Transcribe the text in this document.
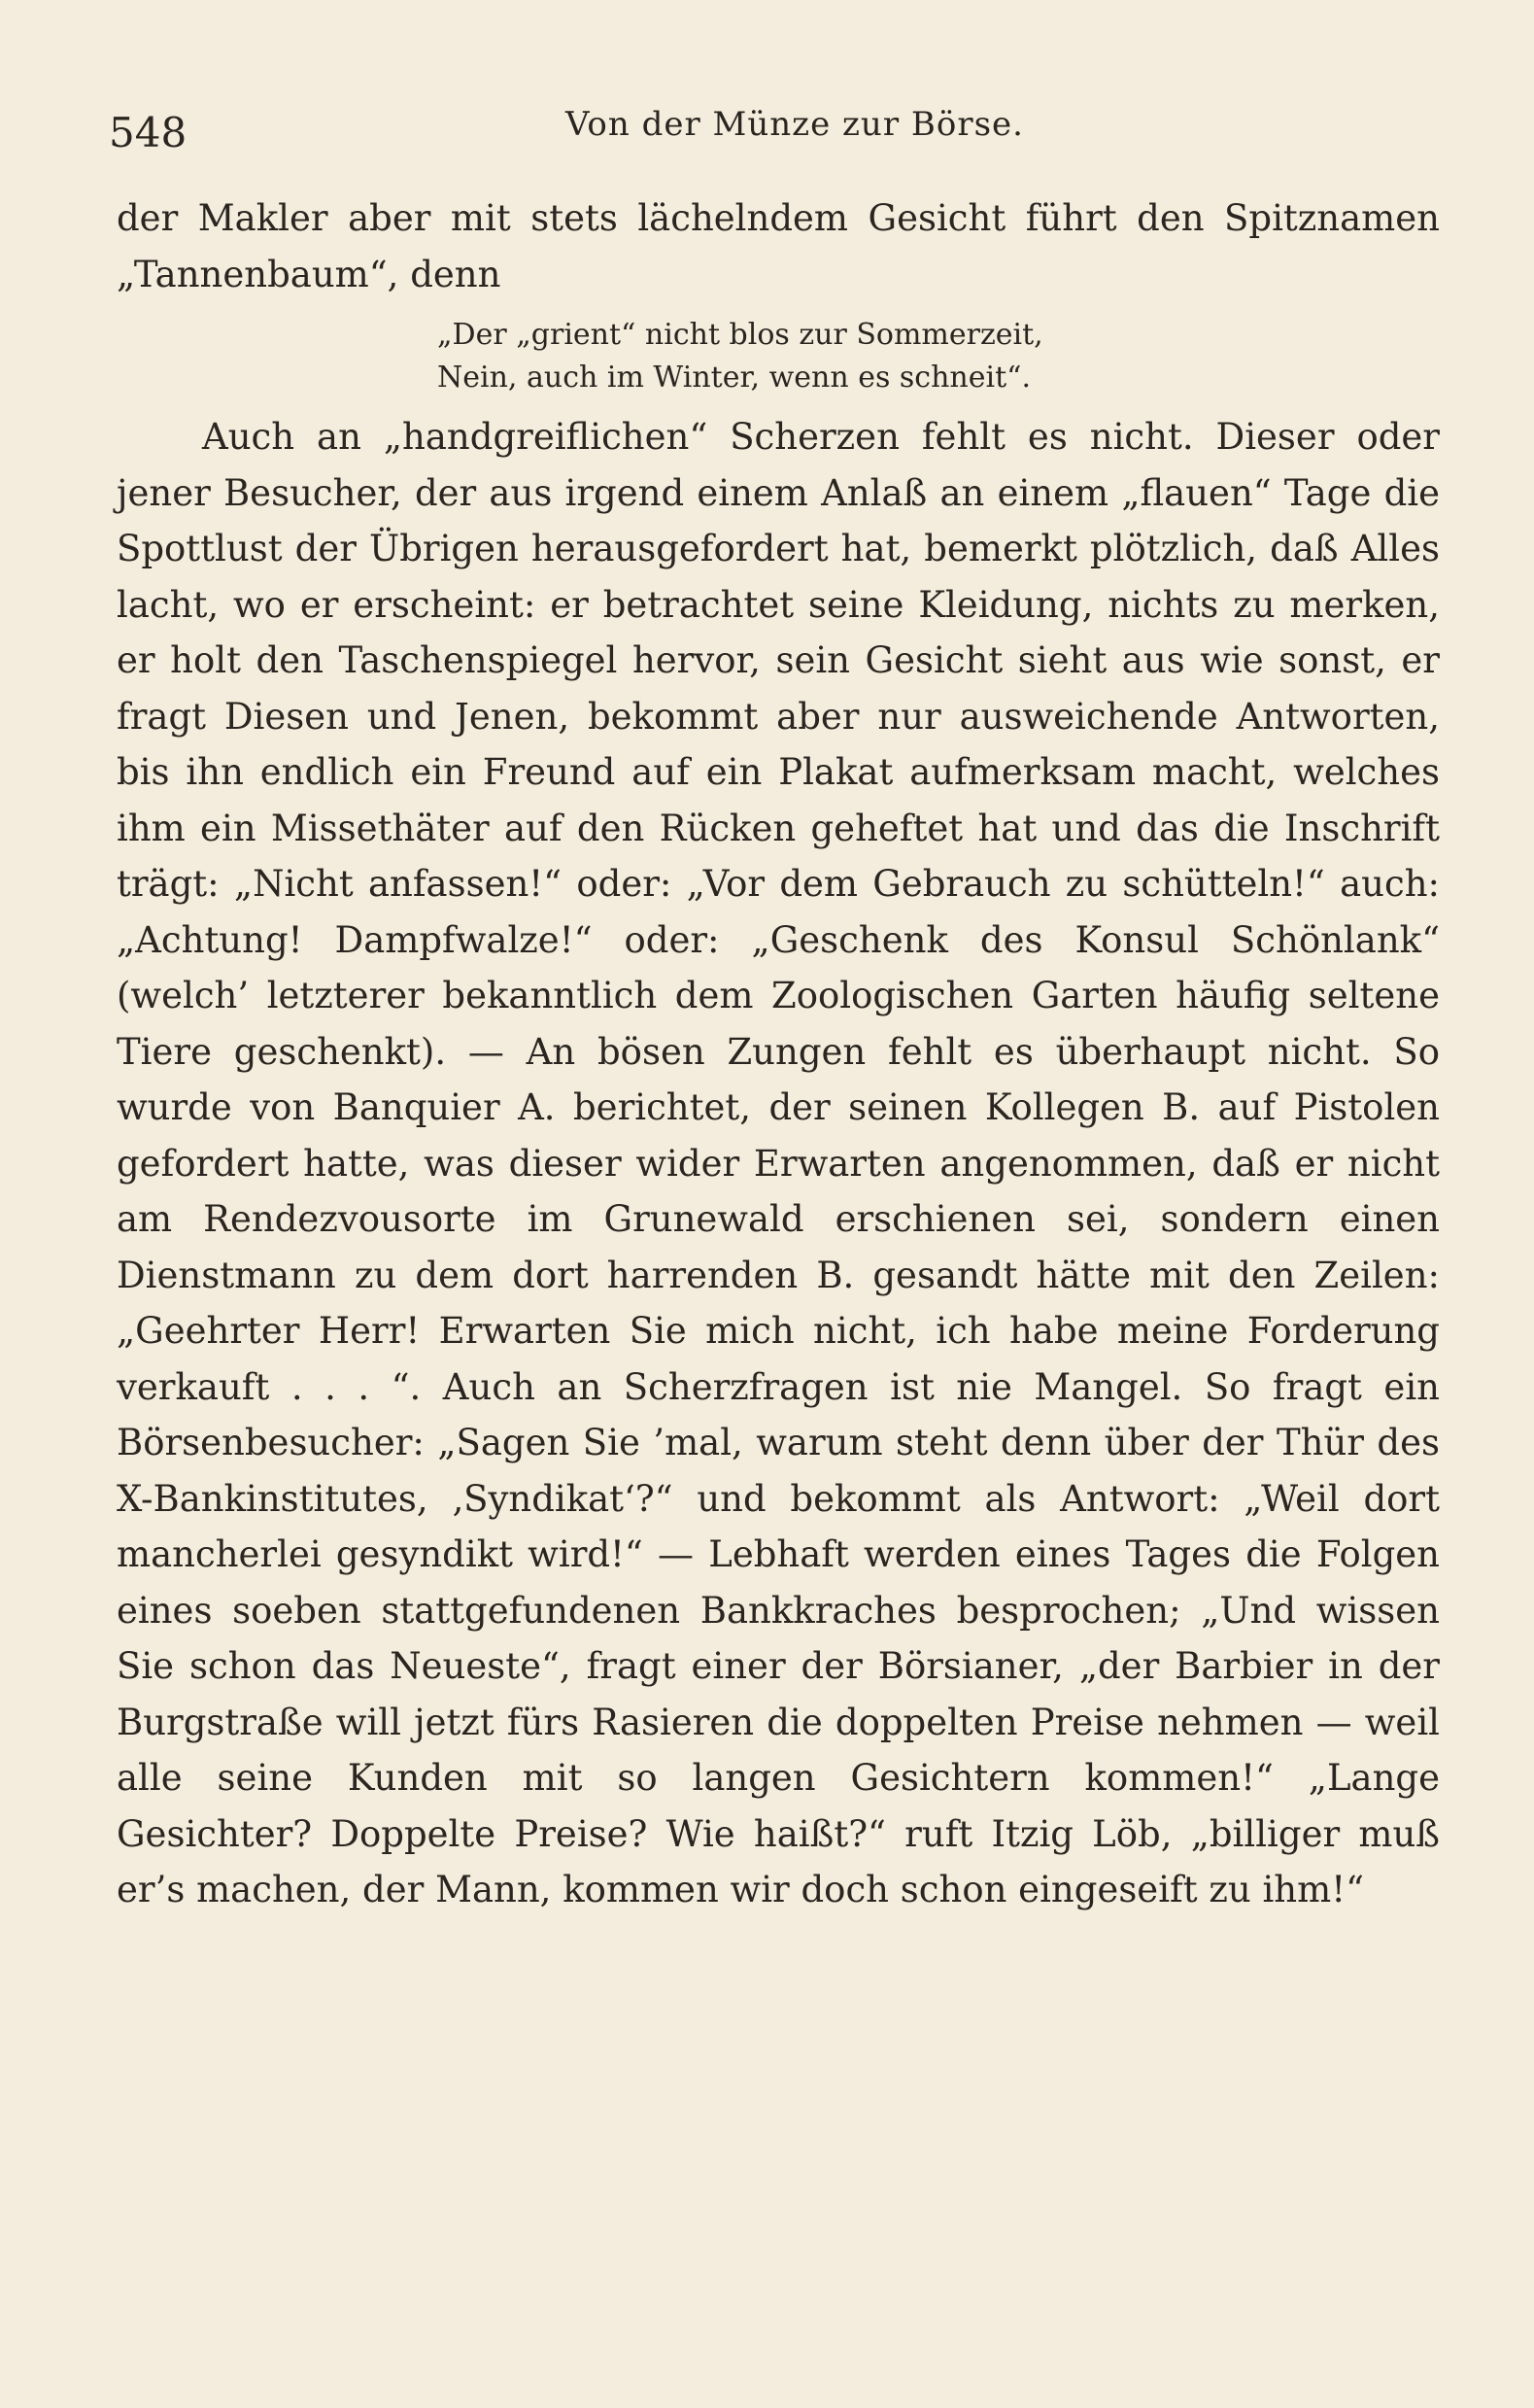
548	Von der Münze zur Börse.

der Makler aber mit stets lächelndem Gesicht führt den Spitznamen „Tannenbaum“, denn

„Der „grient“ nicht blos zur Sommerzeit,
Nein, auch im Winter, wenn es schneit“.

Auch an „handgreiflichen“ Scherzen fehlt es nicht. Dieser oder jener Besucher, der aus irgend einem Anlaß an einem „flauen“ Tage die Spottlust der Übrigen herausgefordert hat, bemerkt plötzlich, daß Alles lacht, wo er erscheint: er betrachtet seine Kleidung, nichts zu merken, er holt den Taschenspiegel hervor, sein Gesicht sieht aus wie sonst, er fragt Diesen und Jenen, bekommt aber nur ausweichende Antworten, bis ihn endlich ein Freund auf ein Plakat aufmerksam macht, welches ihm ein Missethäter auf den Rücken geheftet hat und das die Inschrift trägt: „Nicht anfassen!“ oder: „Vor dem Gebrauch zu schütteln!“ auch: „Achtung! Dampfwalze!“ oder: „Geschenk des Konsul Schönlank“ (welch’ letzterer bekanntlich dem Zoologischen Garten häufig seltene Tiere geschenkt). — An bösen Zungen fehlt es überhaupt nicht. So wurde von Banquier A. berichtet, der seinen Kollegen B. auf Pistolen gefordert hatte, was dieser wider Erwarten angenommen, daß er nicht am Rendezvousorte im Grunewald erschienen sei, sondern einen Dienstmann zu dem dort harrenden B. gesandt hätte mit den Zeilen: „Geehrter Herr! Erwarten Sie mich nicht, ich habe meine Forderung verkauft . . . “. Auch an Scherzfragen ist nie Mangel. So fragt ein Börsenbesucher: „Sagen Sie ’mal, warum steht denn über der Thür des X-Bankinstitutes, ‚Syndikat‘?“ und bekommt als Antwort: „Weil dort mancherlei gesyndikt wird!“ — Lebhaft werden eines Tages die Folgen eines soeben stattgefundenen Bankkraches besprochen; „Und wissen Sie schon das Neueste“, fragt einer der Börsianer, „der Barbier in der Burgstraße will jetzt fürs Rasieren die doppelten Preise nehmen — weil alle seine Kunden mit so langen Gesichtern kommen!“ „Lange Gesichter? Doppelte Preise? Wie haißt?“ ruft Itzig Löb, „billiger muß er’s machen, der Mann, kommen wir doch schon eingeseift zu ihm!“
